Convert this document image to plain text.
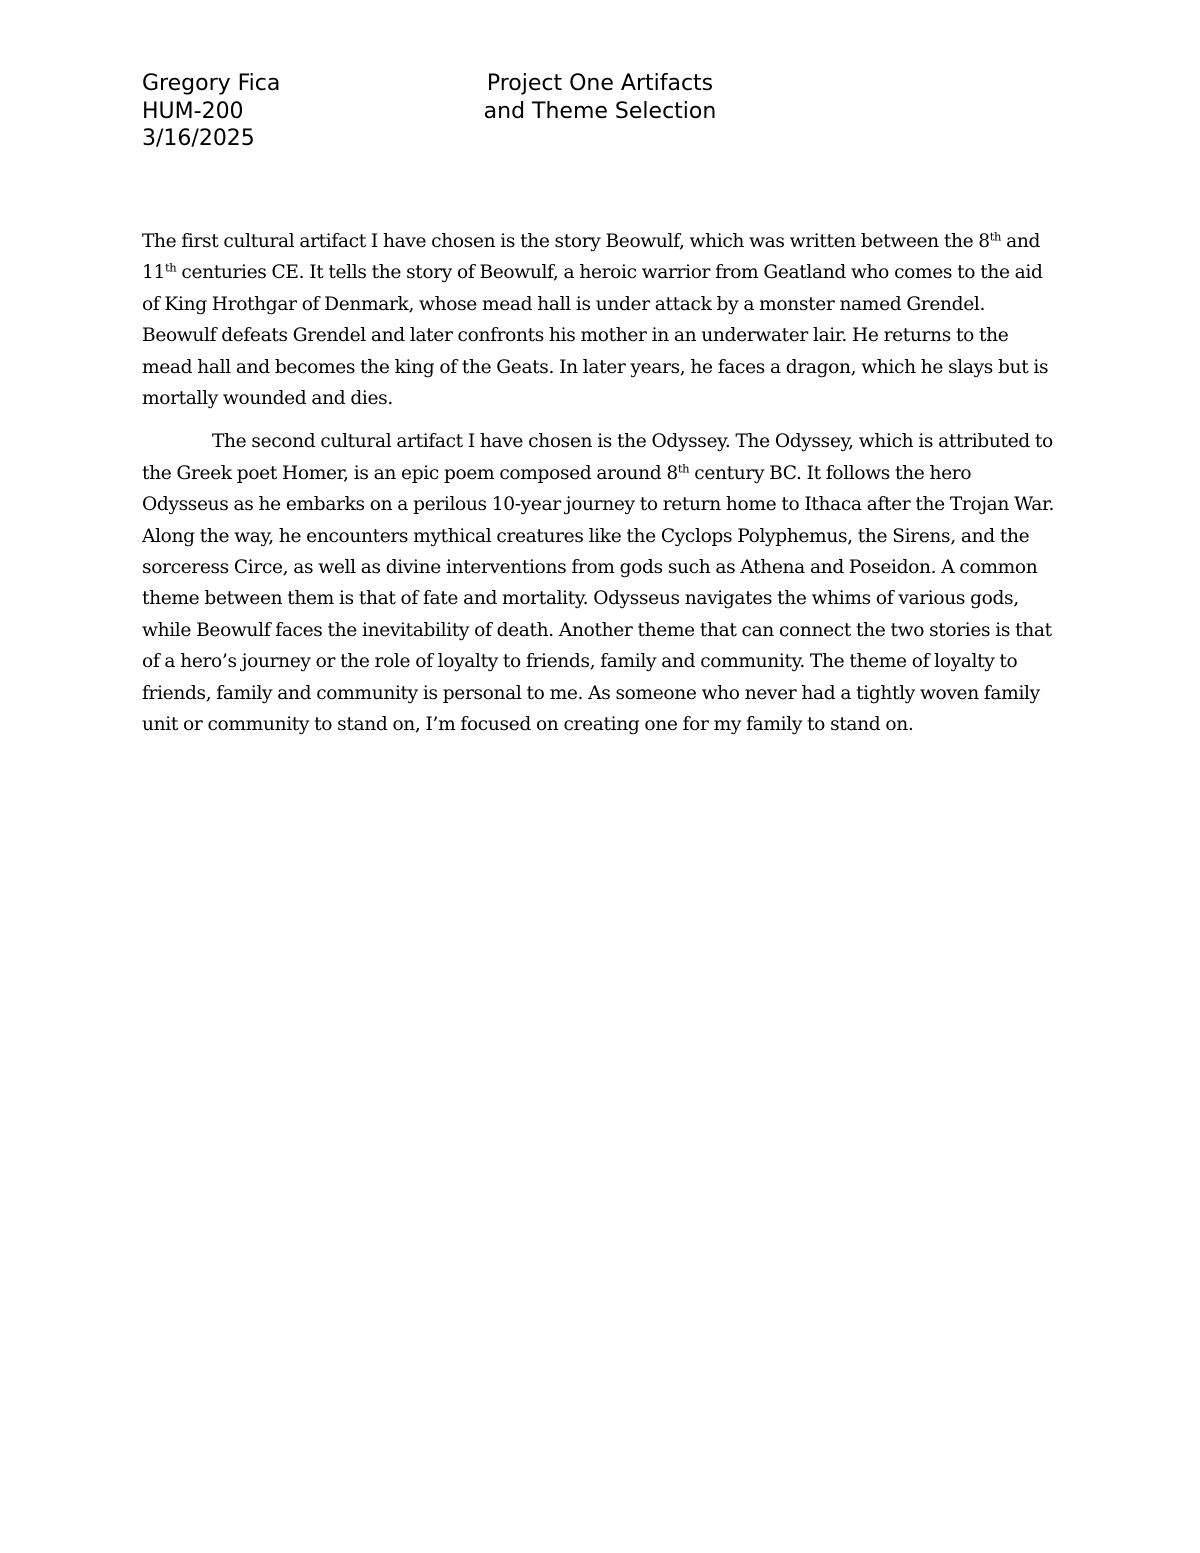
Gregory Fica
HUM-200
3/16/2025
Project One Artifacts
and Theme Selection

The first cultural artifact I have chosen is the story Beowulf, which was written between the 8th and 11th centuries CE. It tells the story of Beowulf, a heroic warrior from Geatland who comes to the aid of King Hrothgar of Denmark, whose mead hall is under attack by a monster named Grendel. Beowulf defeats Grendel and later confronts his mother in an underwater lair. He returns to the mead hall and becomes the king of the Geats. In later years, he faces a dragon, which he slays but is mortally wounded and dies.

The second cultural artifact I have chosen is the Odyssey. The Odyssey, which is attributed to the Greek poet Homer, is an epic poem composed around 8th century BC. It follows the hero Odysseus as he embarks on a perilous 10-year journey to return home to Ithaca after the Trojan War. Along the way, he encounters mythical creatures like the Cyclops Polyphemus, the Sirens, and the sorceress Circe, as well as divine interventions from gods such as Athena and Poseidon. A common theme between them is that of fate and mortality. Odysseus navigates the whims of various gods, while Beowulf faces the inevitability of death. Another theme that can connect the two stories is that of a hero’s journey or the role of loyalty to friends, family and community. The theme of loyalty to friends, family and community is personal to me. As someone who never had a tightly woven family unit or community to stand on, I’m focused on creating one for my family to stand on.
